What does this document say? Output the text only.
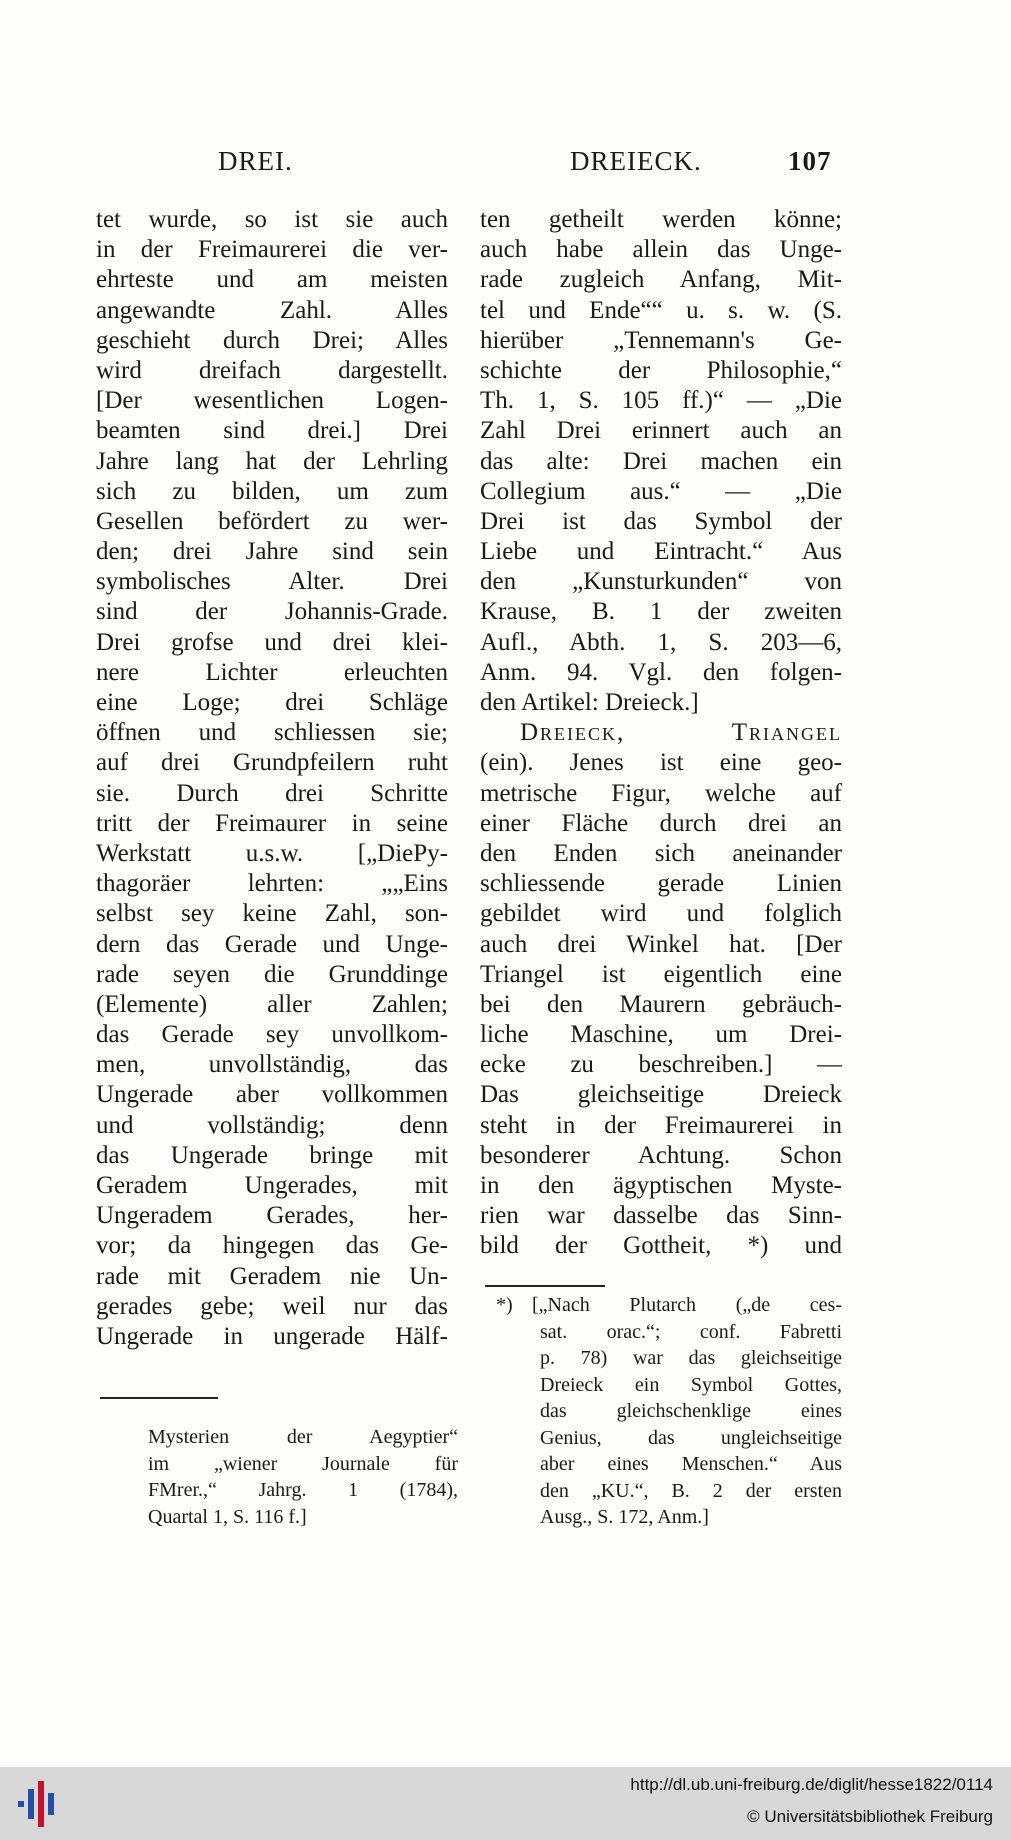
DREI.	DREIECK.	107
tet wurde, so ist sie auch
in der Freimaurerei die ver-
ehrteste und am meisten
angewandte Zahl. Alles
geschieht durch Drei; Alles
wird dreifach dargestellt.
[Der wesentlichen Logen-
beamten sind drei.] Drei
Jahre lang hat der Lehrling
sich zu bilden, um zum
Gesellen befördert zu wer-
den; drei Jahre sind sein
symbolisches Alter. Drei
sind der Johannis-Grade.
Drei grofse und drei klei-
nere Lichter erleuchten
eine Loge; drei Schläge
öffnen und schliessen sie;
auf drei Grundpfeilern ruht
sie. Durch drei Schritte
tritt der Freimaurer in seine
Werkstatt u.s.w. [„DiePy-
thagoräer lehrten: „„Eins
selbst sey keine Zahl, son-
dern das Gerade und Unge-
rade seyen die Grunddinge
(Elemente) aller Zahlen;
das Gerade sey unvollkom-
men, unvollständig, das
Ungerade aber vollkommen
und vollständig; denn
das Ungerade bringe mit
Geradem Ungerades, mit
Ungeradem Gerades, her-
vor; da hingegen das Ge-
rade mit Geradem nie Un-
gerades gebe; weil nur das
Ungerade in ungerade Hälf-
ten getheilt werden könne;
auch habe allein das Unge-
rade zugleich Anfang, Mit-
tel und Ende““ u. s. w. (S.
hierüber „Tennemann's Ge-
schichte der Philosophie,“
Th. 1, S. 105 ff.)“ — „Die
Zahl Drei erinnert auch an
das alte: Drei machen ein
Collegium aus.“ — „Die
Drei ist das Symbol der
Liebe und Eintracht.“ Aus
den „Kunsturkunden“ von
Krause, B. 1 der zweiten
Aufl., Abth. 1, S. 203—6,
Anm. 94. Vgl. den folgen-
den Artikel: Dreieck.]
Dreieck, Triangel
(ein). Jenes ist eine geo-
metrische Figur, welche auf
einer Fläche durch drei an
den Enden sich aneinander
schliessende gerade Linien
gebildet wird und folglich
auch drei Winkel hat. [Der
Triangel ist eigentlich eine
bei den Maurern gebräuch-
liche Maschine, um Drei-
ecke zu beschreiben.] —
Das gleichseitige Dreieck
steht in der Freimaurerei in
besonderer Achtung. Schon
in den ägyptischen Myste-
rien war dasselbe das Sinn-
bild der Gottheit, *) und
Mysterien der Aegyptier“
im „wiener Journale für
FMrer.,“ Jahrg. 1 (1784),
Quartal 1, S. 116 f.]
*) [„Nach Plutarch („de ces-
sat. orac.“; conf. Fabretti
p. 78) war das gleichseitige
Dreieck ein Symbol Gottes,
das gleichschenklige eines
Genius, das ungleichseitige
aber eines Menschen.“ Aus
den „KU.“, B. 2 der ersten
Ausg., S. 172, Anm.]
http://dl.ub.uni-freiburg.de/diglit/hesse1822/0114
© Universitätsbibliothek Freiburg
